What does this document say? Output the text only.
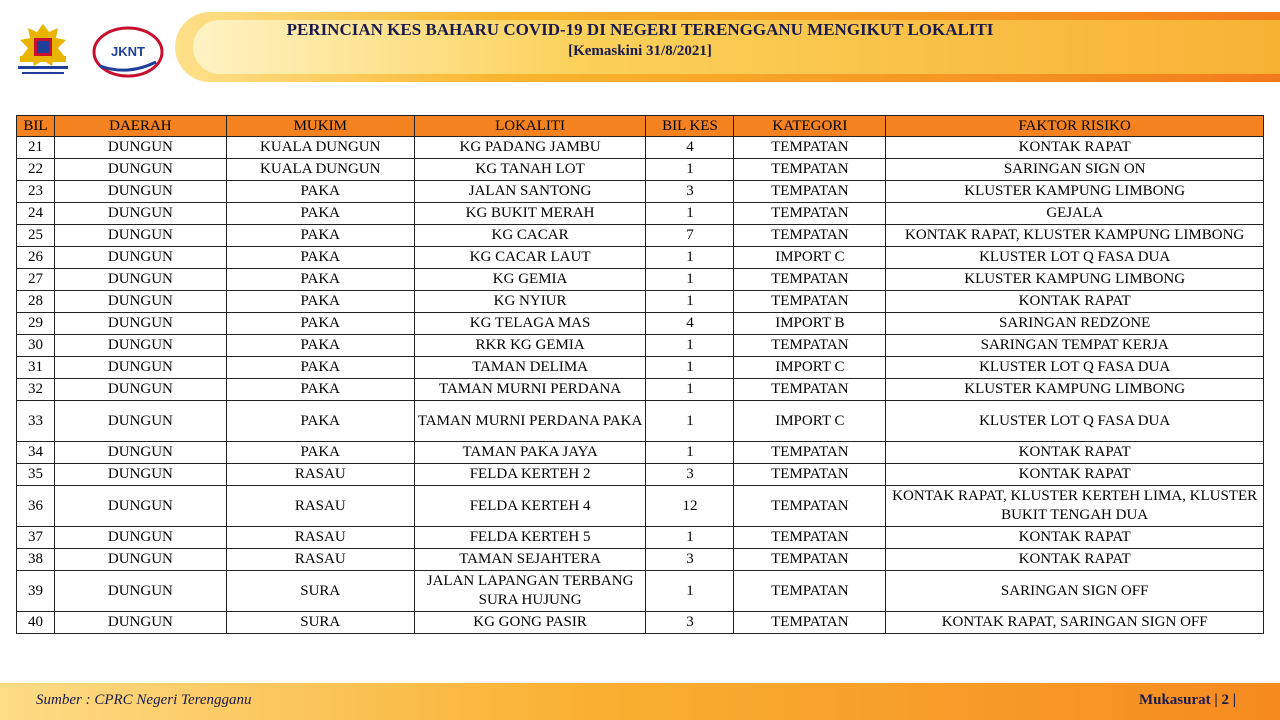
JKNT
PERINCIAN KES BAHARU COVID-19 DI NEGERI TERENGGANU MENGIKUT LOKALITI
[Kemaskini 31/8/2021]
BIL	DAERAH	MUKIM	LOKALITI	BIL KES	KATEGORI	FAKTOR RISIKO
21	DUNGUN	KUALA DUNGUN	KG PADANG JAMBU	4	TEMPATAN	KONTAK RAPAT
22	DUNGUN	KUALA DUNGUN	KG TANAH LOT	1	TEMPATAN	SARINGAN SIGN ON
23	DUNGUN	PAKA	JALAN SANTONG	3	TEMPATAN	KLUSTER KAMPUNG LIMBONG
24	DUNGUN	PAKA	KG BUKIT MERAH	1	TEMPATAN	GEJALA
25	DUNGUN	PAKA	KG CACAR	7	TEMPATAN	KONTAK RAPAT, KLUSTER KAMPUNG LIMBONG
26	DUNGUN	PAKA	KG CACAR LAUT	1	IMPORT C	KLUSTER LOT Q FASA DUA
27	DUNGUN	PAKA	KG GEMIA	1	TEMPATAN	KLUSTER KAMPUNG LIMBONG
28	DUNGUN	PAKA	KG NYIUR	1	TEMPATAN	KONTAK RAPAT
29	DUNGUN	PAKA	KG TELAGA MAS	4	IMPORT B	SARINGAN REDZONE
30	DUNGUN	PAKA	RKR KG GEMIA	1	TEMPATAN	SARINGAN TEMPAT KERJA
31	DUNGUN	PAKA	TAMAN DELIMA	1	IMPORT C	KLUSTER LOT Q FASA DUA
32	DUNGUN	PAKA	TAMAN MURNI PERDANA	1	TEMPATAN	KLUSTER KAMPUNG LIMBONG
33	DUNGUN	PAKA	TAMAN MURNI PERDANA PAKA	1	IMPORT C	KLUSTER LOT Q FASA DUA
34	DUNGUN	PAKA	TAMAN PAKA JAYA	1	TEMPATAN	KONTAK RAPAT
35	DUNGUN	RASAU	FELDA KERTEH 2	3	TEMPATAN	KONTAK RAPAT
36	DUNGUN	RASAU	FELDA KERTEH 4	12	TEMPATAN	KONTAK RAPAT, KLUSTER KERTEH LIMA, KLUSTER BUKIT TENGAH DUA
37	DUNGUN	RASAU	FELDA KERTEH 5	1	TEMPATAN	KONTAK RAPAT
38	DUNGUN	RASAU	TAMAN SEJAHTERA	3	TEMPATAN	KONTAK RAPAT
39	DUNGUN	SURA	JALAN LAPANGAN TERBANG SURA HUJUNG	1	TEMPATAN	SARINGAN SIGN OFF
40	DUNGUN	SURA	KG GONG PASIR	3	TEMPATAN	KONTAK RAPAT, SARINGAN SIGN OFF
Sumber : CPRC Negeri Terengganu	Mukasurat | 2 |
